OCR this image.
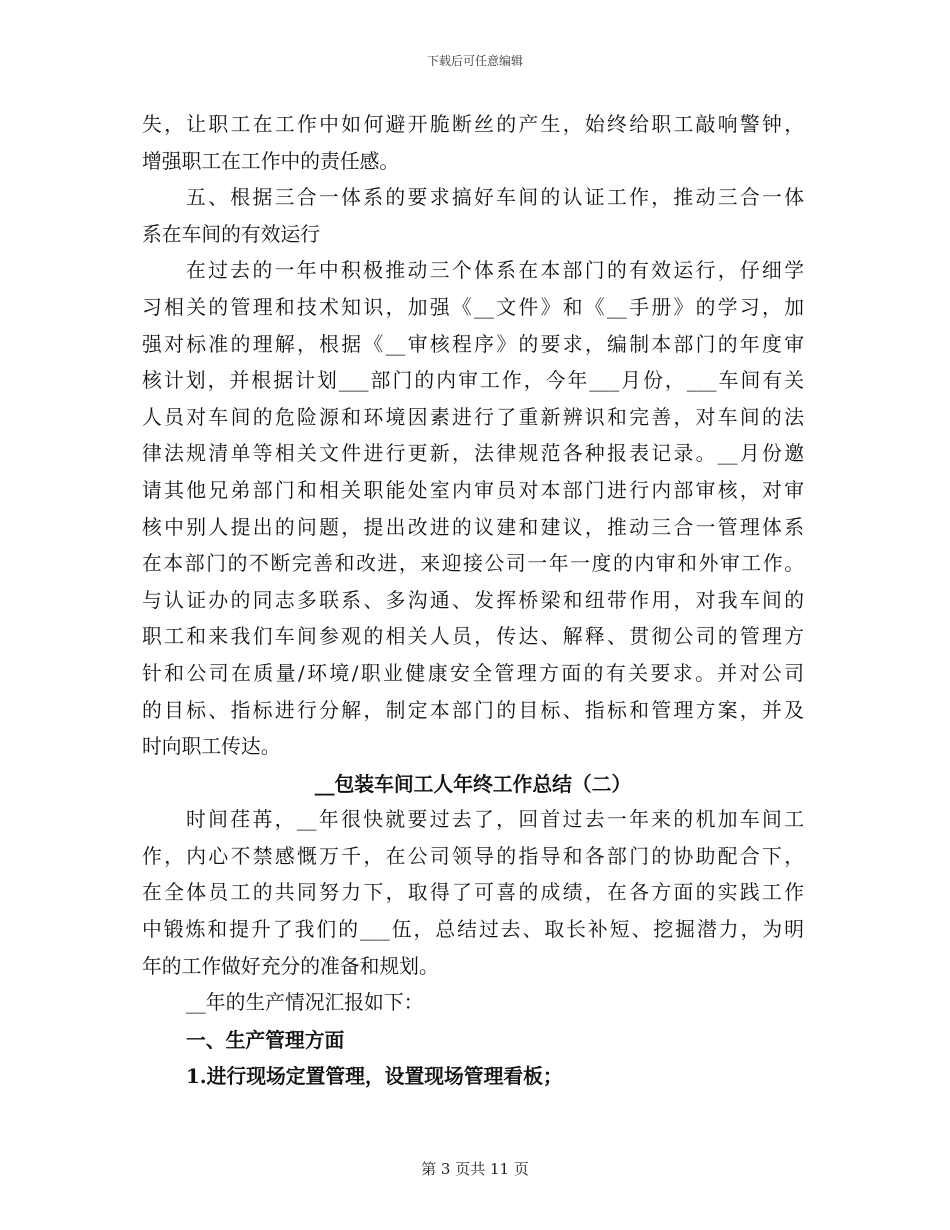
下载后可任意编辑
失，让职工在工作中如何避开脆断丝的产生，始终给职工敲响警钟，
增强职工在工作中的责任感。
五、根据三合一体系的要求搞好车间的认证工作，推动三合一体
系在车间的有效运行
在过去的一年中积极推动三个体系在本部门的有效运行，仔细学
习相关的管理和技术知识，加强《__文件》和《__手册》的学习，加
强对标准的理解，根据《__审核程序》的要求，编制本部门的年度审
核计划，并根据计划___部门的内审工作，今年___月份，___车间有关
人员对车间的危险源和环境因素进行了重新辨识和完善，对车间的法
律法规清单等相关文件进行更新，法律规范各种报表记录。__月份邀
请其他兄弟部门和相关职能处室内审员对本部门进行内部审核，对审
核中别人提出的问题，提出改进的议建和建议，推动三合一管理体系
在本部门的不断完善和改进，来迎接公司一年一度的内审和外审工作。
与认证办的同志多联系、多沟通、发挥桥梁和纽带作用，对我车间的
职工和来我们车间参观的相关人员，传达、解释、贯彻公司的管理方
针和公司在质量/环境/职业健康安全管理方面的有关要求。并对公司
的目标、指标进行分解，制定本部门的目标、指标和管理方案，并及
时向职工传达。
__包装车间工人年终工作总结（二）
时间荏苒，__年很快就要过去了，回首过去一年来的机加车间工
作，内心不禁感慨万千，在公司领导的指导和各部门的协助配合下，
在全体员工的共同努力下，取得了可喜的成绩，在各方面的实践工作
中锻炼和提升了我们的___伍，总结过去、取长补短、挖掘潜力，为明
年的工作做好充分的准备和规划。
__年的生产情况汇报如下：
一、生产管理方面
1.进行现场定置管理，设置现场管理看板；
第 3 页共 11 页
